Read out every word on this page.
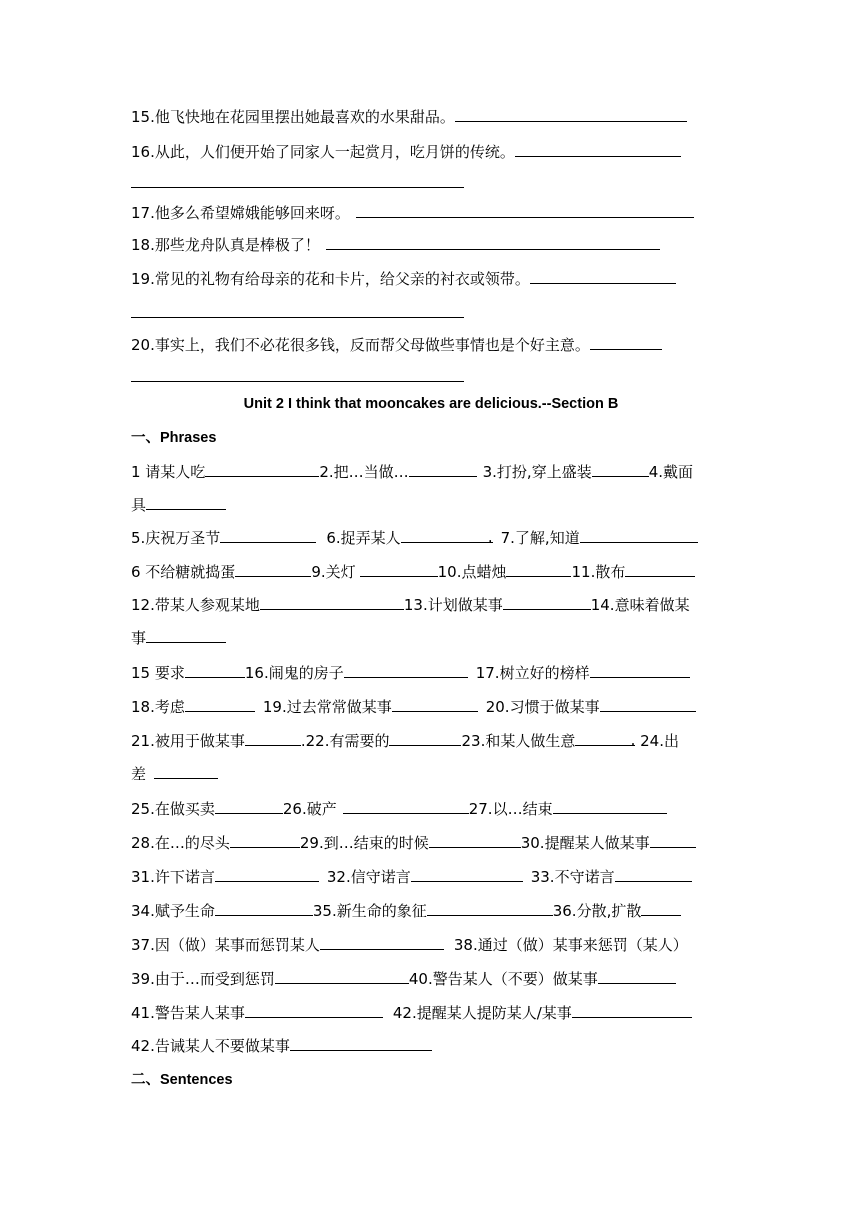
15.他飞快地在花园里摆出她最喜欢的水果甜品。
16.从此，人们便开始了同家人一起赏月，吃月饼的传统。
17.他多么希望嫦娥能够回来呀。
18.那些龙舟队真是棒极了！
19.常见的礼物有给母亲的花和卡片，给父亲的衬衣或领带。
20.事实上，我们不必花很多钱，反而帮父母做些事情也是个好主意。
Unit 2 I think that mooncakes are delicious.--Section B
一、Phrases
1 请某人吃	2.把…当做…	3.打扮,穿上盛装	4.戴面
具
5.庆祝万圣节	6.捉弄某人	. 7.了解,知道
6 不给糖就捣蛋	9.关灯	10.点蜡烛	11.散布
12.带某人参观某地	13.计划做某事	14.意味着做某
事
15 要求	16.闹鬼的房子	17.树立好的榜样
18.考虑	19.过去常常做某事	20.习惯于做某事
21.被用于做某事	.22.有需要的	23.和某人做生意	. 24.出
差
25.在做买卖	26.破产	27.以…结束
28.在…的尽头	29.到…结束的时候	30.提醒某人做某事
31.许下诺言	32.信守诺言	33.不守诺言
34.赋予生命	35.新生命的象征	36.分散,扩散
37.因（做）某事而惩罚某人	38.通过（做）某事来惩罚（某人）
39.由于…而受到惩罚	40.警告某人（不要）做某事
41.警告某人某事	42.提醒某人提防某人/某事
42.告诫某人不要做某事
二、Sentences
